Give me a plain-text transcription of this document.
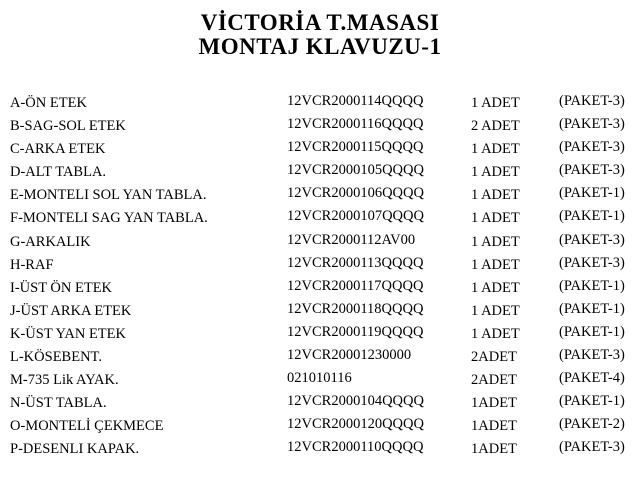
VİCTORİA T.MASASI
MONTAJ KLAVUZU-1
A-ÖN ETEK	12VCR2000114QQQQ	1 ADET	(PAKET-3)
B-SAG-SOL ETEK	12VCR2000116QQQQ	2 ADET	(PAKET-3)
C-ARKA ETEK	12VCR2000115QQQQ	1 ADET	(PAKET-3)
D-ALT TABLA.	12VCR2000105QQQQ	1 ADET	(PAKET-3)
E-MONTELI SOL YAN TABLA.	12VCR2000106QQQQ	1 ADET	(PAKET-1)
F-MONTELI SAG YAN TABLA.	12VCR2000107QQQQ	1 ADET	(PAKET-1)
G-ARKALIK	12VCR2000112AV00	1 ADET	(PAKET-3)
H-RAF	12VCR2000113QQQQ	1 ADET	(PAKET-3)
I-ÜST ÖN ETEK	12VCR2000117QQQQ	1 ADET	(PAKET-1)
J-ÜST ARKA ETEK	12VCR2000118QQQQ	1 ADET	(PAKET-1)
K-ÜST YAN ETEK	12VCR2000119QQQQ	1 ADET	(PAKET-1)
L-KÖSEBENT.	12VCR20001230000	2ADET	(PAKET-3)
M-735 Lik AYAK.	021010116	2ADET	(PAKET-4)
N-ÜST TABLA.	12VCR2000104QQQQ	1ADET	(PAKET-1)
O-MONTELİ ÇEKMECE	12VCR2000120QQQQ	1ADET	(PAKET-2)
P-DESENLI KAPAK.	12VCR2000110QQQQ	1ADET	(PAKET-3)
